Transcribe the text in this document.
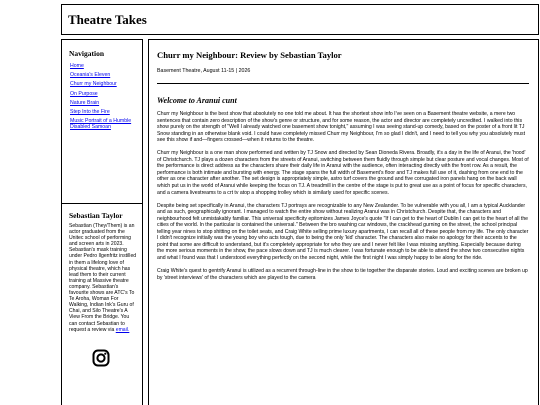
Theatre Takes
Navigation
Home
Oceania's Eleven
Churr my Neighbour
On Purpose
Nature Brain
Step Into the Fire
Music Portrait of a Humble Disabled Samoan
Sebastian Taylor

Sebastian (They/Them) is an actor graduated from the Unitec school of performing and screen arts in 2023. Sebastian's mask training under Pedro Ilgenfritz instilled in them a lifelong love of physical theatre, which has lead them to their current training at Massive theatre company. Sebastian's favourite shows are ATC's To Te Aroha, Woman For Walking, Indian Ink's Guru of Chai, and Silo Theatre's A View From the Bridge. You can contact Sebastian to request a review via email.

Churr my Neighbour: Review by Sebastian Taylor

Basement Theatre, August 11-15 | 2026

Welcome to Aranui cunt

Churr my Neighbour is the best show that absolutely no one told me about. It has the shortest show info I've seen on a Basement theatre website, a mere two sentences that contain zero description of the show's genre or structure, and for some reason, the actor and director are completely uncredited. I walked into this show purely on the strength of "Well I already watched one basement show tonight," assuming I was seeing stand-up comedy, based on the poster of a front lit TJ Snow standing in an otherwise blank void. I could have completely missed Churr my Neighbour, I'm so glad I didn't, and I need to tell you why you absolutely must see this show if and—fingers crossed—when it returns to the theatre.

Churr my Neighbour is a one man show performed and written by TJ Snow and directed by Sean Dioneda Rivera. Broadly, it's a day in the life of Aranui, the 'hood' of Christchurch. TJ plays a dozen characters from the streets of Aranui, switching between them fluidly through simple but clear posture and vocal changes. Most of the performance is direct address as the characters share their daily life in Aranui with the audience, often interacting directly with the front row. As a result, the performance is both intimate and bursting with energy. The stage spans the full width of Basement's floor and TJ makes full use of it, dashing from one end to the other as one character after another. The set design is appropriately simple, astro turf covers the ground and five corrugated iron panels hang on the back wall which put us in the world of Aranui while keeping the focus on TJ. A treadmill in the centre of the stage is put to great use as a point of focus for specific characters, and a camera livestreams to a crt tv atop a shopping trolley which is similarly used for specific scenes.

Despite being set specifically in Aranui, the characters TJ portrays are recognizable to any New Zealander. To be vulnerable with you all, I am a typical Aucklander and as such, geographically ignorant. I managed to watch the entire show without realizing Aranui was in Christchurch. Despite that, the characters and neighbourhood felt unmistakably familiar. This universal specificity epitomizes James Joyce's quote "If I can get to the heart of Dublin I can get to the heart of all the cities of the world. In the particular is contained the universal." Between the bro washing car windows, the crackhead gurning on the street, the school principal telling year nines to stop shitting on the toilet seats, and Craig White selling prime luxury apartments, I can recall all of these people from my life. The only character I didn't recognize initially was the young boy who acts tough, due to being the only 'kid' character. The characters also make no apology for their accents to the point that some are difficult to understand, but it's completely appropriate for who they are and I never felt like I was missing anything. Especially because during the more serious moments in the show, the pace slows down and TJ is much clearer. I was fortunate enough to be able to attend the show two consecutive nights and what I found was that I understood everything perfectly on the second night, while the first night I was simply happy to be along for the ride.

Craig White's quest to gentrify Aranui is utilized as a recurrent through-line in the show to tie together the disparate stories. Loud and exciting scenes are broken up by 'street interviews' of the characters which are played to the camera
